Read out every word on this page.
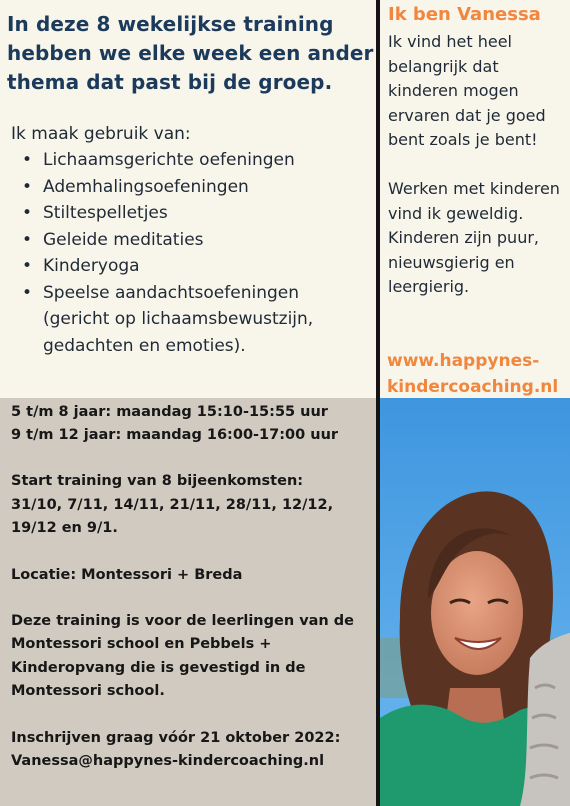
In deze 8 wekelijkse training hebben we elke week een ander thema dat past bij de groep.

Ik maak gebruik van:

• Lichaamsgerichte oefeningen
• Ademhalingsoefeningen
• Stiltespelletjes
• Geleide meditaties
• Kinderyoga
• Speelse aandachtsoefeningen (gericht op lichaamsbewustzijn, gedachten en emoties).
Ik ben Vanessa

Ik vind het heel belangrijk dat kinderen mogen ervaren dat je goed bent zoals je bent!

Werken met kinderen vind ik geweldig. Kinderen zijn puur, nieuwsgierig en leergierig.

www.happynes-
kindercoaching.nl

5 t/m 8 jaar: maandag 15:10-15:55 uur

9 t/m 12 jaar: maandag 16:00-17:00 uur

Start training van 8 bijeenkomsten:

31/10, 7/11, 14/11, 21/11, 28/11, 12/12,

19/12 en 9/1.

Locatie: Montessori + Breda

Deze training is voor de leerlingen van de Montessori school en Pebbels + Kinderopvang die is gevestigd in de Montessori school.

Inschrijven graag vóór 21 oktober 2022:

Vanessa@happynes-kindercoaching.nl
